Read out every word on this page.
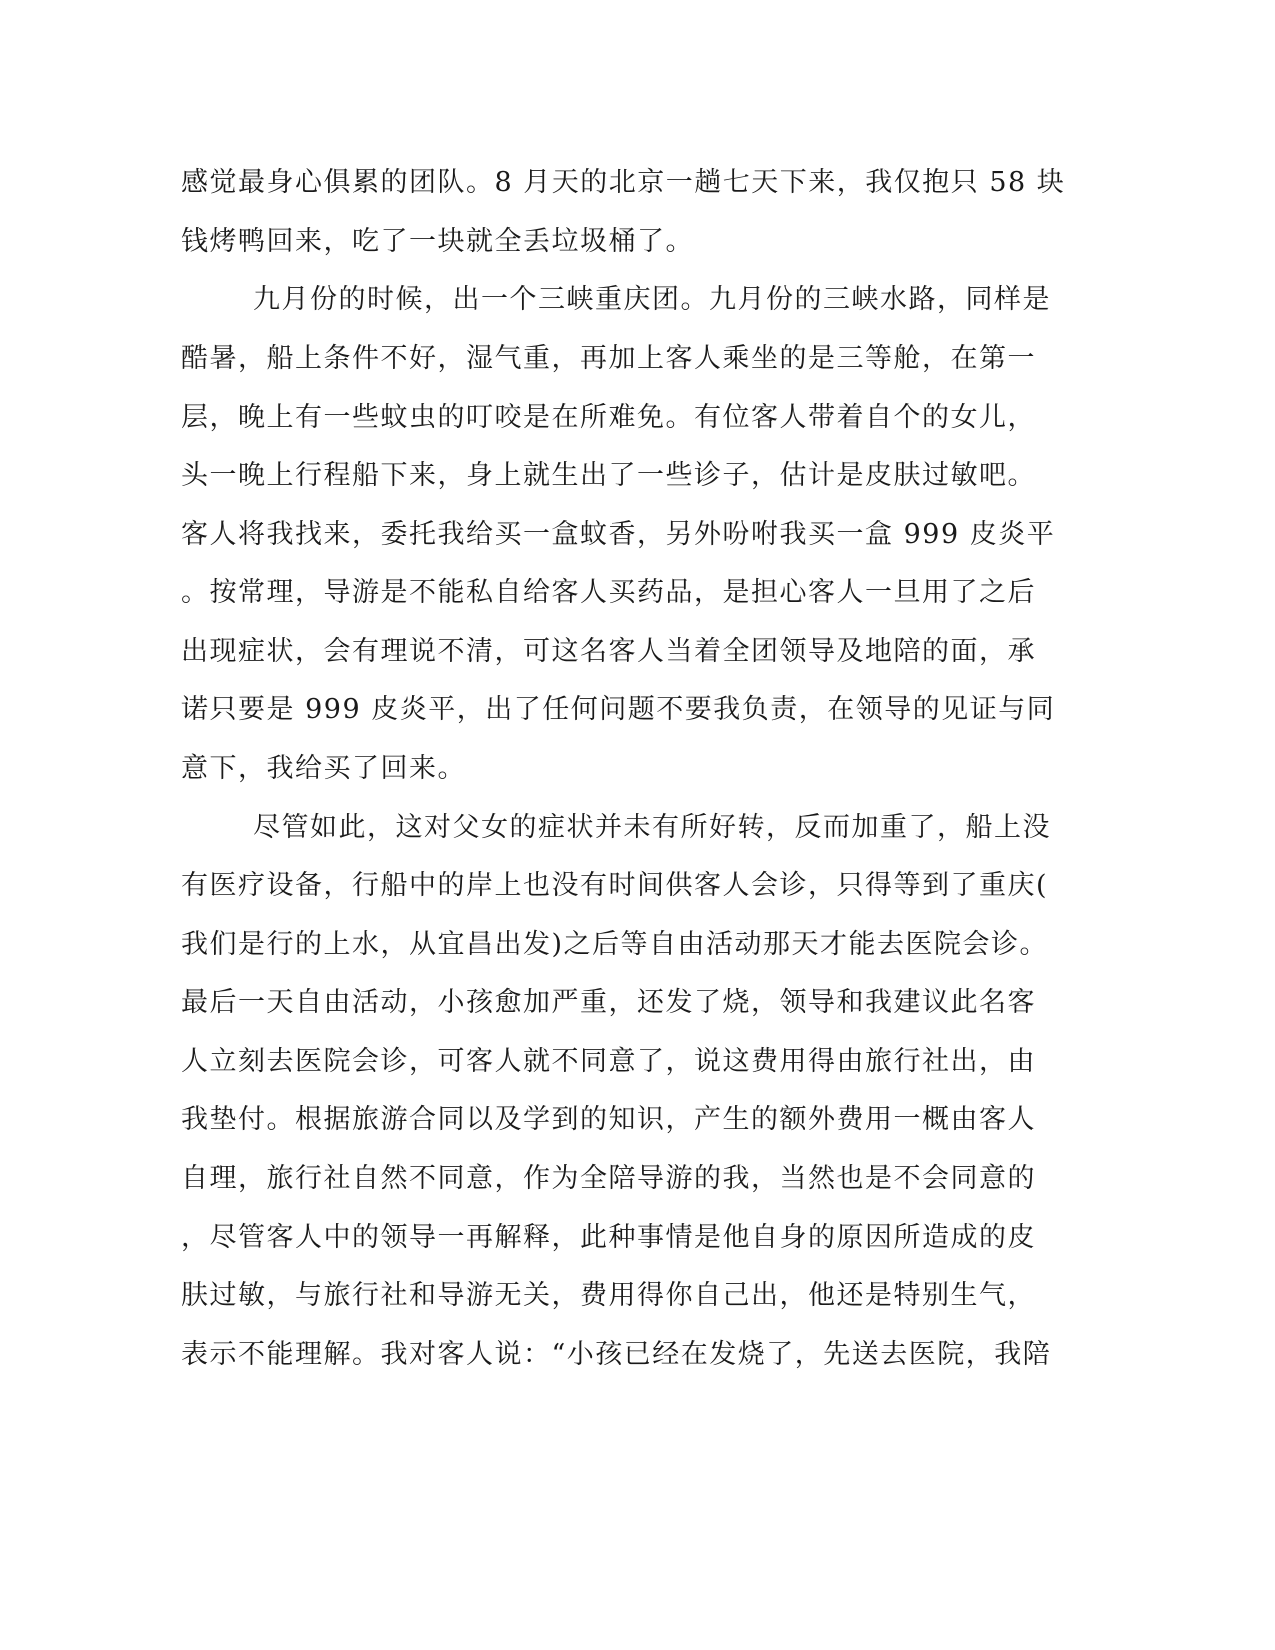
感觉最身心俱累的团队。8 月天的北京一趟七天下来，我仅抱只 58 块
钱烤鸭回来，吃了一块就全丢垃圾桶了。
九月份的时候，出一个三峡重庆团。九月份的三峡水路，同样是
酷暑，船上条件不好，湿气重，再加上客人乘坐的是三等舱，在第一
层，晚上有一些蚊虫的叮咬是在所难免。有位客人带着自个的女儿，
头一晚上行程船下来，身上就生出了一些诊子，估计是皮肤过敏吧。
客人将我找来，委托我给买一盒蚊香，另外吩咐我买一盒 999 皮炎平
。按常理，导游是不能私自给客人买药品，是担心客人一旦用了之后
出现症状，会有理说不清，可这名客人当着全团领导及地陪的面，承
诺只要是 999 皮炎平，出了任何问题不要我负责，在领导的见证与同
意下，我给买了回来。
尽管如此，这对父女的症状并未有所好转，反而加重了，船上没
有医疗设备，行船中的岸上也没有时间供客人会诊，只得等到了重庆(
我们是行的上水，从宜昌出发)之后等自由活动那天才能去医院会诊。
最后一天自由活动，小孩愈加严重，还发了烧，领导和我建议此名客
人立刻去医院会诊，可客人就不同意了，说这费用得由旅行社出，由
我垫付。根据旅游合同以及学到的知识，产生的额外费用一概由客人
自理，旅行社自然不同意，作为全陪导游的我，当然也是不会同意的
，尽管客人中的领导一再解释，此种事情是他自身的原因所造成的皮
肤过敏，与旅行社和导游无关，费用得你自己出，他还是特别生气，
表示不能理解。我对客人说：“小孩已经在发烧了，先送去医院，我陪
